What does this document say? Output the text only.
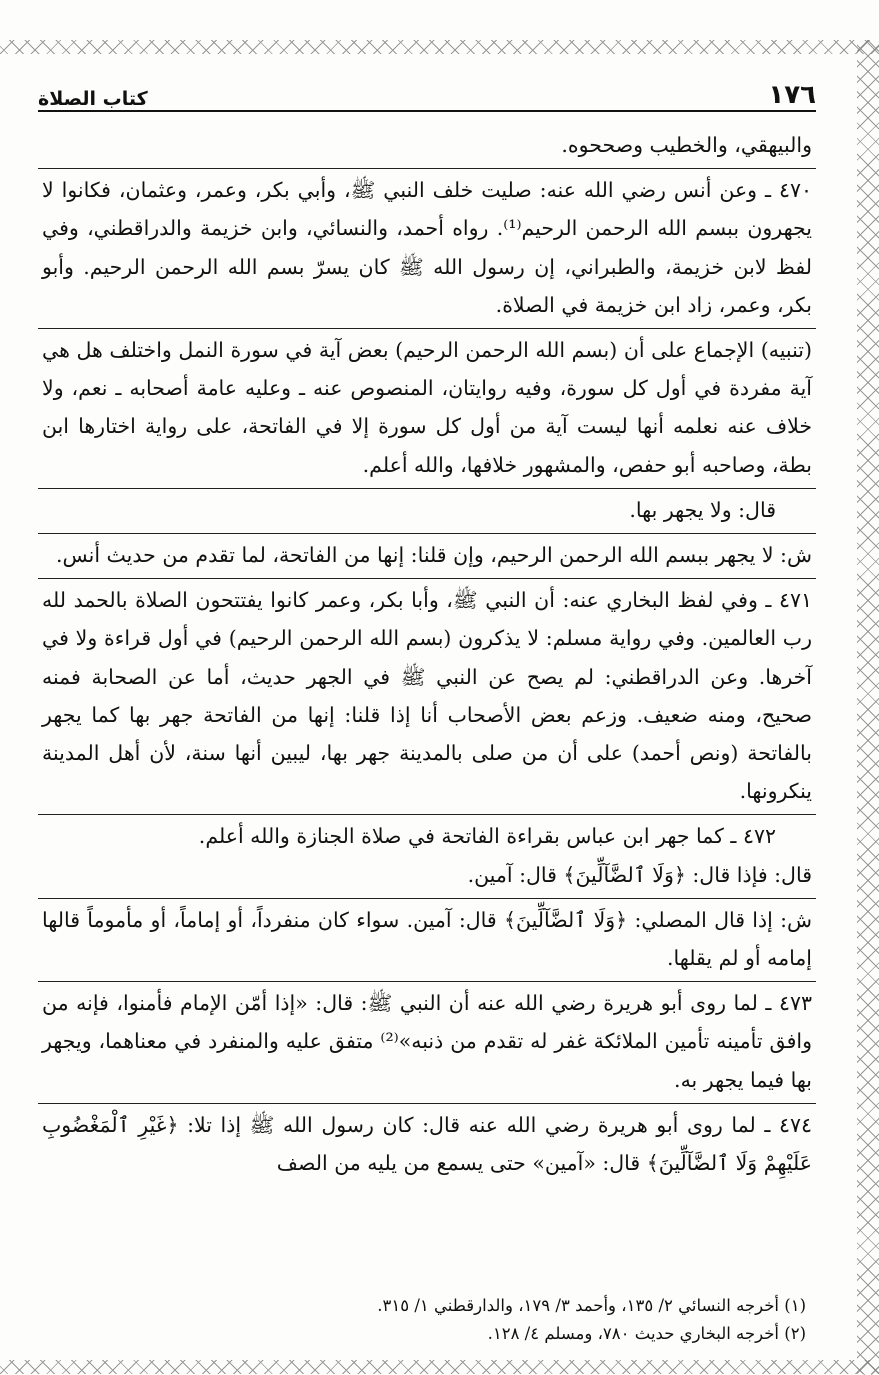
١٧٦
كتاب الصلاة

والبيهقي، والخطيب وصححوه.

٤٧٠ ـ وعن أنس رضي الله عنه: صليت خلف النبي ﷺ، وأبي بكر، وعمر، وعثمان، فكانوا لا يجهرون ببسم الله الرحمن الرحيم⁽¹⁾. رواه أحمد، والنسائي، وابن خزيمة والدراقطني، وفي لفظ لابن خزيمة، والطبراني، إن رسول الله ﷺ كان يسرّ بسم الله الرحمن الرحيم. وأبو بكر، وعمر، زاد ابن خزيمة في الصلاة.

(تنبيه) الإجماع على أن (بسم الله الرحمن الرحيم) بعض آية في سورة النمل واختلف هل هي آية مفردة في أول كل سورة، وفيه روايتان، المنصوص عنه ـ وعليه عامة أصحابه ـ نعم، ولا خلاف عنه نعلمه أنها ليست آية من أول كل سورة إلا في الفاتحة، على رواية اختارها ابن بطة، وصاحبه أبو حفص، والمشهور خلافها، والله أعلم.

قال: ولا يجهر بها.

ش: لا يجهر ببسم الله الرحمن الرحيم، وإن قلنا: إنها من الفاتحة، لما تقدم من حديث أنس.

٤٧١ ـ وفي لفظ البخاري عنه: أن النبي ﷺ، وأبا بكر، وعمر كانوا يفتتحون الصلاة بالحمد لله رب العالمين. وفي رواية مسلم: لا يذكرون (بسم الله الرحمن الرحيم) في أول قراءة ولا في آخرها. وعن الدراقطني: لم يصح عن النبي ﷺ في الجهر حديث، أما عن الصحابة فمنه صحيح، ومنه ضعيف. وزعم بعض الأصحاب أنا إذا قلنا: إنها من الفاتحة جهر بها كما يجهر بالفاتحة (ونص أحمد) على أن من صلى بالمدينة جهر بها، ليبين أنها سنة، لأن أهل المدينة ينكرونها.

٤٧٢ ـ كما جهر ابن عباس بقراءة الفاتحة في صلاة الجنازة والله أعلم.

قال: فإذا قال: ﴿وَلَا ٱلضَّآلِّينَ﴾ قال: آمين.

ش: إذا قال المصلي: ﴿وَلَا ٱلضَّآلِّينَ﴾ قال: آمين. سواء كان منفرداً، أو إماماً، أو مأموماً قالها إمامه أو لم يقلها.

٤٧٣ ـ لما روى أبو هريرة رضي الله عنه أن النبي ﷺ: قال: «إذا أمّن الإمام فأمنوا، فإنه من وافق تأمينه تأمين الملائكة غفر له تقدم من ذنبه»⁽²⁾ متفق عليه والمنفرد في معناهما، ويجهر بها فيما يجهر به.

٤٧٤ ـ لما روى أبو هريرة رضي الله عنه قال: كان رسول الله ﷺ إذا تلا: ﴿غَيْرِ ٱلْمَغْضُوبِ عَلَيْهِمْ وَلَا ٱلضَّآلِّينَ﴾ قال: «آمين» حتى يسمع من يليه من الصف

(١) أخرجه النسائي ٢/ ١٣٥، وأحمد ٣/ ١٧٩، والدارقطني ١/ ٣١٥.

(٢) أخرجه البخاري حديث ٧٨٠، ومسلم ٤/ ١٢٨.
